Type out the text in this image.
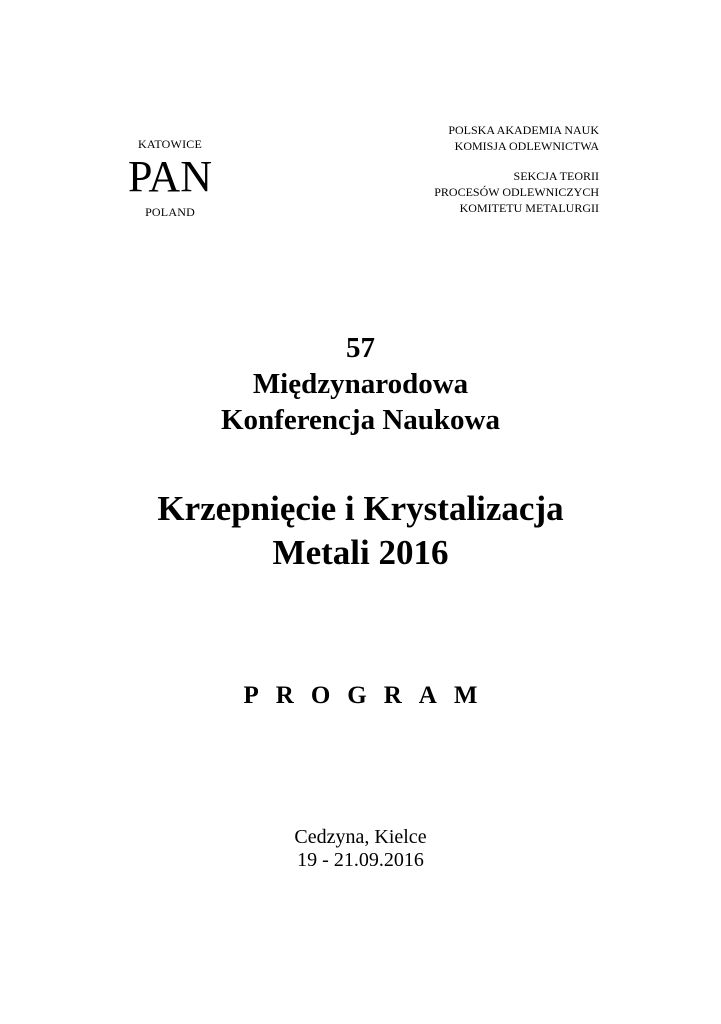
KATOWICE
PAN
POLAND
POLSKA AKADEMIA NAUK
KOMISJA ODLEWNICTWA
SEKCJA TEORII
PROCESÓW ODLEWNICZYCH
KOMITETU METALURGII
57
Międzynarodowa
Konferencja Naukowa
Krzepnięcie i Krystalizacja
Metali 2016
PROGRAM
Cedzyna, Kielce
19 - 21.09.2016
